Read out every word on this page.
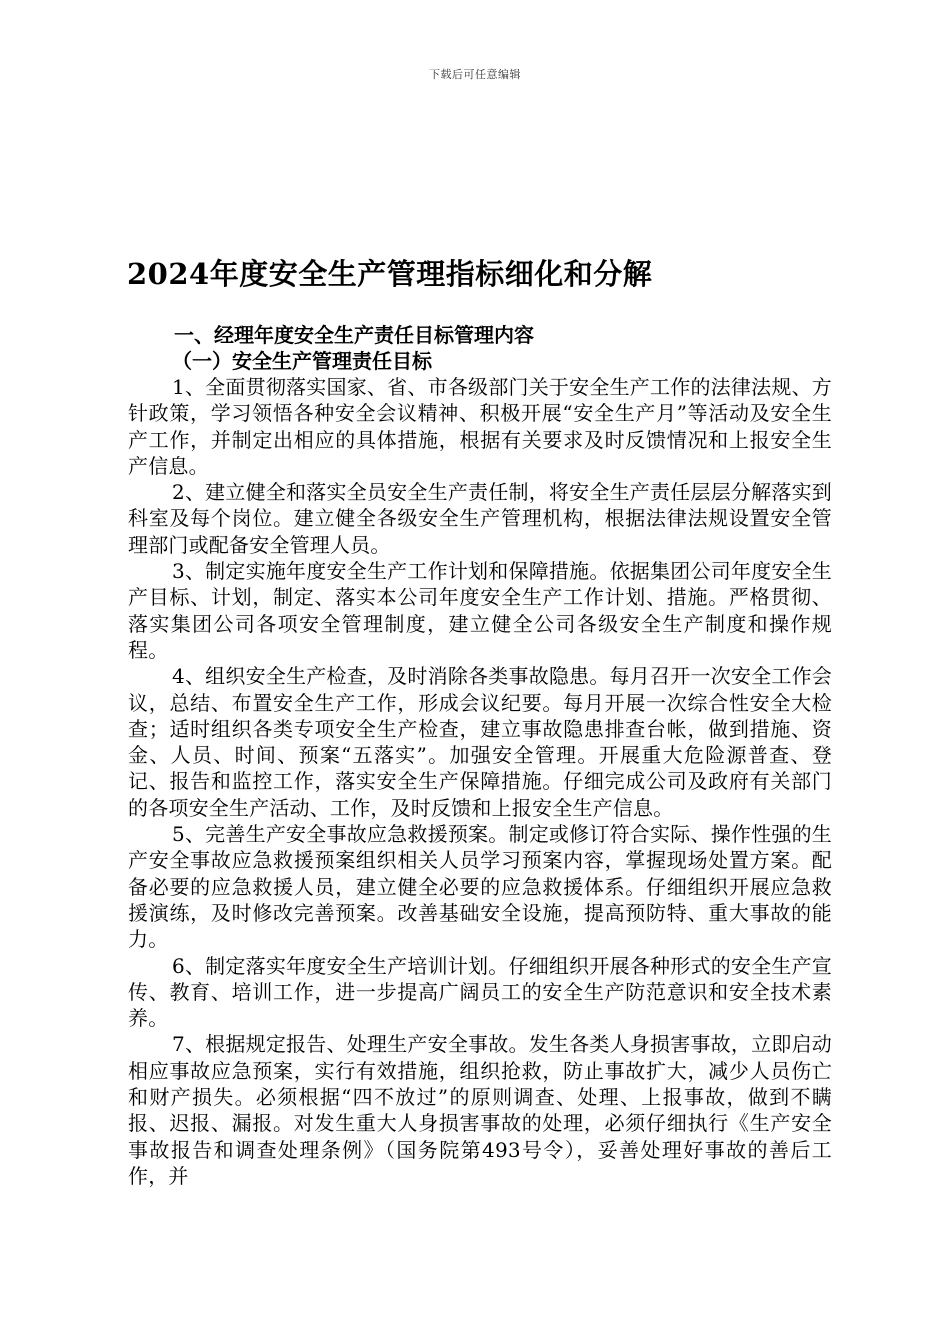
下载后可任意编辑
2024年度安全生产管理指标细化和分解
一、经理年度安全生产责任目标管理内容
（一）安全生产管理责任目标

1、全面贯彻落实国家、省、市各级部门关于安全生产工作的法律法规、方针政策，学习领悟各种安全会议精神、积极开展“安全生产月”等活动及安全生产工作，并制定出相应的具体措施，根据有关要求及时反馈情况和上报安全生产信息。

2、建立健全和落实全员安全生产责任制，将安全生产责任层层分解落实到科室及每个岗位。建立健全各级安全生产管理机构，根据法律法规设置安全管理部门或配备安全管理人员。

3、制定实施年度安全生产工作计划和保障措施。依据集团公司年度安全生产目标、计划，制定、落实本公司年度安全生产工作计划、措施。严格贯彻、落实集团公司各项安全管理制度，建立健全公司各级安全生产制度和操作规程。

4、组织安全生产检查，及时消除各类事故隐患。每月召开一次安全工作会议，总结、布置安全生产工作，形成会议纪要。每月开展一次综合性安全大检查；适时组织各类专项安全生产检查，建立事故隐患排查台帐，做到措施、资金、人员、时间、预案“五落实”。加强安全管理。开展重大危险源普查、登记、报告和监控工作，落实安全生产保障措施。仔细完成公司及政府有关部门的各项安全生产活动、工作，及时反馈和上报安全生产信息。

5、完善生产安全事故应急救援预案。制定或修订符合实际、操作性强的生产安全事故应急救援预案组织相关人员学习预案内容，掌握现场处置方案。配备必要的应急救援人员，建立健全必要的应急救援体系。仔细组织开展应急救援演练，及时修改完善预案。改善基础安全设施，提高预防特、重大事故的能力。

6、制定落实年度安全生产培训计划。仔细组织开展各种形式的安全生产宣传、教育、培训工作，进一步提高广阔员工的安全生产防范意识和安全技术素养。

7、根据规定报告、处理生产安全事故。发生各类人身损害事故，立即启动相应事故应急预案，实行有效措施，组织抢救，防止事故扩大，减少人员伤亡和财产损失。必须根据“四不放过”的原则调查、处理、上报事故，做到不瞒报、迟报、漏报。对发生重大人身损害事故的处理，必须仔细执行《生产安全事故报告和调查处理条例》（国务院第493号令），妥善处理好事故的善后工作，并
